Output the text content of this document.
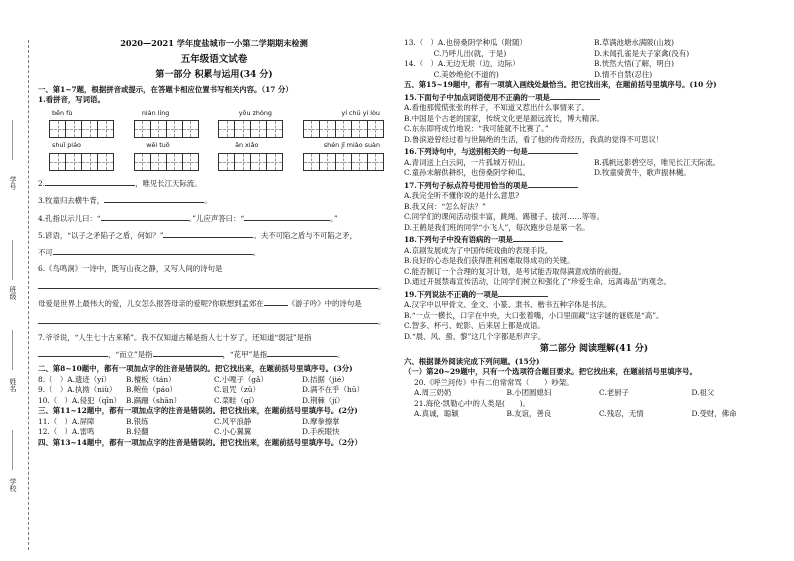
学号
班级
姓名
学校
2020—2021 学年度盐城市一小第二学期期末检测
五年级语文试卷
第一部分 积累与运用(34 分)
一、第1~7题，根据拼音或提示，在答题卡相应位置书写相关内容。（17 分）
1.看拼音，写词语。
bēn fù	nián líng	yōu zhòng	yí chū yí lòu
shuǐ piáo	wěi tuō	ān xiǎo	shén jī miào suàn
2.	，唯见长江天际流。
3.牧童归去横牛背，	。
4.孔指以示儿曰：“	。”儿应声答曰：“	。”
5.谚语，“以子之矛陷子之盾，何如？”	。夫不可陷之盾与不可陷之矛，
不可	。
6.《鸟鸣涧》一诗中，既写山夜之静，又写人间的诗句是
。
母爱是世界上最伟大的爱，儿女怎么报答母亲的爱呢?你联想到孟郊在	《游子吟》中的诗句是
。
7.爷爷说，“人生七十古来稀”。我不仅知道古稀是指人七十岁了，还知道“弱冠”是指
，“而立”是指	，“花甲”是指	。
二、第8~10题中，都有一项加点字的注音是错误的。把它找出来，在题前括号里填序号。(3分)
8.（　）A.遗迹（yí）	B.檀板（tán）	C.小嘎子（gǎ）	D.拮据（jié）
9.（　）A.执拗（niù）	B.鲍鱼（páo）	C.诅咒（zǔ）	D.满不在乎（hū）
10.（　）A.侵犯（qīn） B.蹒跚（shān）	C.菜畦（qí）	D.荆棘（jí）
三、第11~12题中，都有一项加点字的注音是错误的。把它找出来，在题前括号里填序号。(2分)
11.（　）A.屏障	B.银练	C.风平浪静	D.摩拳擦掌
12.（　）A.雷鸣	B.轻翻	C.小心翼翼	D.手疾眼快
四、第13~14题中，都有一项加点字的注音是错误的。把它找出来，在题前括号里填序号。（2分）
13.（　）A.也傍桑阴学种瓜（附随）	B.草满池塘水满陂(山坡)
　　　　C.乃呼儿出(就，于是)	D.未闻孔雀是夫子家禽(没有)
14.（　）A.无边无垠（边，边际）	B.恍然大悟(了解，明白)
　　　　C.美妙绝伦(不道的)	D.情不自禁(忍住)
五、第15~19题中，都有一项填入画线处最恰当。把它找出来，在题前括号里填序号。(10 分)
15.下面句子中加点词语使用不正确的一项是
A.看他那慌慌张张的样子，不知道又惹出什么事情来了。
B.中国是个古老的国家，传统文化更是源远流长，博大精深。
C.东东即将成竹地说：“我可能就不比赛了。”
D.鲁滨逊曾经过着与世隔绝的生活，看了他的传奇经历，我真的觉得不可思议！
16.下列诗句中，与送别相关的一句是
A.青词送上白云间，一片孤城万仞山。	B.孤帆远影碧空尽，唯见长江天际流。
C.童孙未解供耕织，也傍桑阴学种瓜。	D.牧童骑黄牛，歌声振林樾。
17.下列句子标点符号使用恰当的项是
A.我完全听不懂你说的是什么意思?
B.我又问：“怎么好法？”
C.同学们的课间活动很丰富，跳绳、踢毽子、拔河……等等。
D.王鹤是我们班的同学“小飞人”，每次跑步总是第一名。
18.下列句子中没有语病的一项是
A.京剧发展成为了中国传统戏曲的表现手段。
B.良好的心态是我们获得胜利困难取得成功的关键。
C.能否制订一个合理的复习计划，是考试能否取得满意成绩的前提。
D.通过开展禁毒宣传活动，让同学们树立和强化了“珍爱生命，远离毒品”的观念。
19.下列说法不正确的一项是
A.汉字中以甲骨文、金文、小篆、隶书、楷书五种字体是书法。
B.“一点一横长，口字在中央，大口张着嘴，小口里面藏”这字谜的谜底是“高”。
C.智多、杯弓、蛇影、后来居上都是成语。
D.“晨、风、蛩、黎”这几个字都是形声字。
第二部分 阅读理解(41 分)
六、根据课外阅读完成下列问题。(15分)
（一）第20~29题中，只有一个选项符合题目要求。把它找出来，在题前括号里填序号。
20.《呼兰河传》中有二伯常常骂（　　）吵架。
A.周三奶奶	B.小团圆媳妇	C.老厨子	D.祖父
21.海伦·凯勒心中的人类是(　　)。
A.真诚，聪颖	B.友谊，善良	C.残忍，无情	D.受财，佛命
